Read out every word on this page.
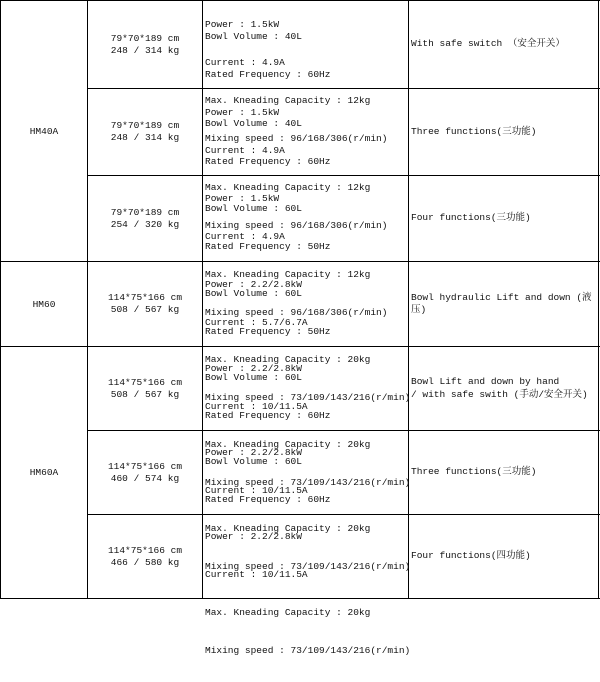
HM40A
HM60
HM60A
79*70*189 cm
248 / 314 kg

Power : 1.5kW

Current : 4.9A

Max. Kneading Capacity : 12kg

Mixing speed : 96/168/306(r/min)

With safe switch （安全开关）
79*70*189 cm
248 / 314 kg

Bowl Volume : 40L

Rated Frequency : 60Hz

Power : 1.5kW

Current : 4.9A

Max. Kneading Capacity : 12kg

Mixing speed : 96/168/306(r/min)

Three functions(三功能)
79*70*189 cm
254 / 320 kg

Bowl Volume : 40L

Rated Frequency : 60Hz

Power : 1.5kW

Current : 4.9A

Max. Kneading Capacity : 12kg

Mixing speed : 96/168/306(r/min)

Four functions(三功能)
114*75*166 cm
508 / 567 kg

Bowl Volume : 60L

Rated Frequency : 50Hz

Power : 2.2/2.8kW

Current : 5.7/6.7A

Max. Kneading Capacity : 20kg

Mixing speed : 73/109/143/216(r/min)

Bowl hydraulic Lift and down (液
压)
114*75*166 cm
508 / 567 kg

Bowl Volume : 60L

Rated Frequency : 50Hz

Power : 2.2/2.8kW

Current : 10/11.5A

Max. Kneading Capacity : 20kg

Mixing speed : 73/109/143/216(r/min)

Bowl Lift and down by hand
/ with safe swith (手动/安全开关)
114*75*166 cm
460 / 574 kg

Bowl Volume : 60L

Rated Frequency : 60Hz

Power : 2.2/2.8kW

Current : 10/11.5A

Max. Kneading Capacity : 20kg

Mixing speed : 73/109/143/216(r/min)

Three functions(三功能)
114*75*166 cm
466 / 580 kg

Bowl Volume : 60L

Rated Frequency : 60Hz

Power : 2.2/2.8kW

Current : 10/11.5A

Max. Kneading Capacity : 20kg

Mixing speed : 73/109/143/216(r/min)

Four functions(四功能)
